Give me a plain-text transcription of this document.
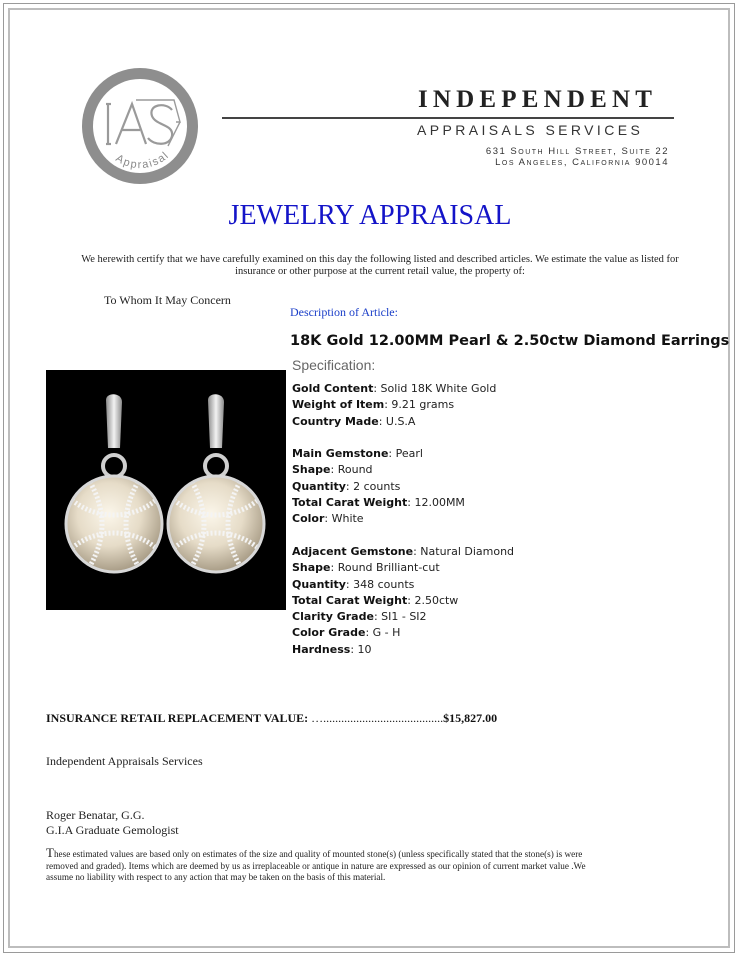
Appraisal
INDEPENDENT
APPRAISALS SERVICES
631 South Hill Street, Suite 22
Los Angeles, California 90014
JEWELRY APPRAISAL
We herewith certify that we have carefully examined on this day the following listed and described articles. We estimate the value as listed for insurance or other purpose at the current retail value, the property of:
To Whom It May Concern
Description of Article:
18K Gold 12.00MM Pearl & 2.50ctw Diamond Earrings
Specification:
Gold Content: Solid 18K White Gold
Weight of Item: 9.21 grams
Country Made: U.S.A
Main Gemstone: Pearl
Shape: Round
Quantity: 2 counts
Total Carat Weight: 12.00MM
Color: White
Adjacent Gemstone: Natural Diamond
Shape: Round Brilliant-cut
Quantity: 348 counts
Total Carat Weight: 2.50ctw
Clarity Grade: SI1 - SI2
Color Grade: G - H
Hardness: 10
INSURANCE RETAIL REPLACEMENT VALUE: …........................................$15,827.00
Independent Appraisals Services
Roger Benatar, G.G.
G.I.A Graduate Gemologist
These estimated values are based only on estimates of the size and quality of mounted stone(s) (unless specifically stated that the stone(s) is were removed and graded). Items which are deemed by us as irreplaceable or antique in nature are expressed as our opinion of current market value .We assume no liability with respect to any action that may be taken on the basis of this material.
